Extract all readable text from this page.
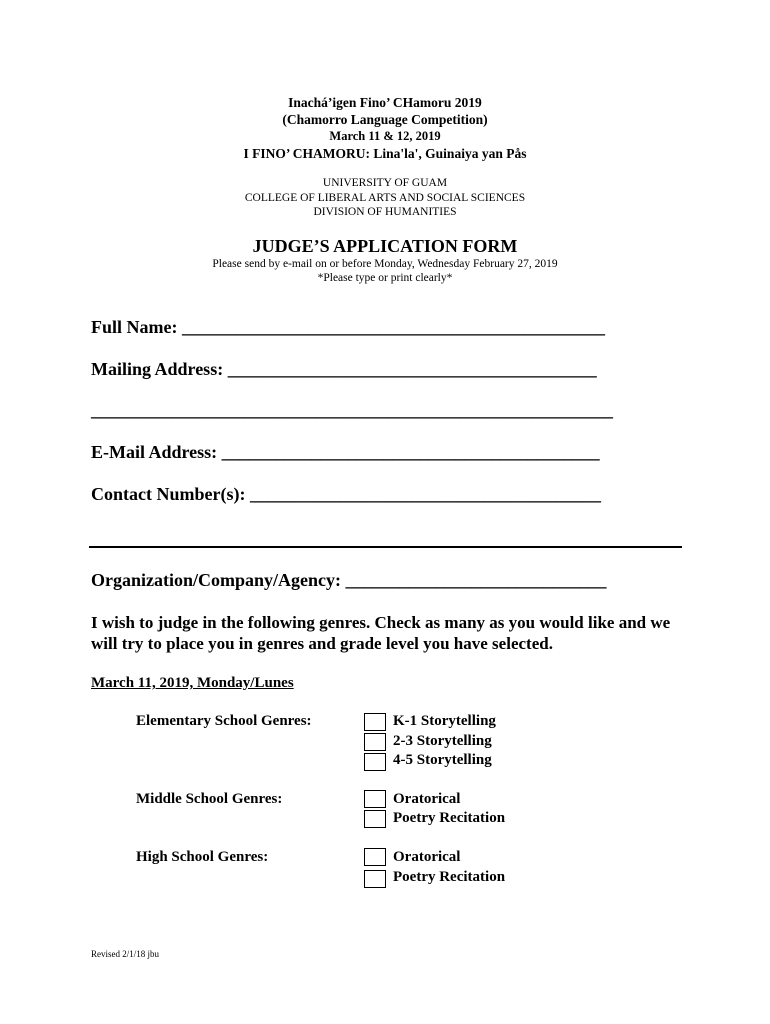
Inachá’igen Fino’ CHamoru 2019
(Chamorro Language Competition)
March 11 & 12, 2019
I FINO’ CHAMORU: Lina'la', Guinaiya yan Pås
UNIVERSITY OF GUAM
COLLEGE OF LIBERAL ARTS AND SOCIAL SCIENCES
DIVISION OF HUMANITIES
JUDGE’S APPLICATION FORM
Please send by e-mail on or before Monday, Wednesday February 27, 2019
*Please type or print clearly*
Full Name: _______________________________________________
Mailing Address: _________________________________________
__________________________________________________________
E-Mail Address: __________________________________________
Contact Number(s): _______________________________________
Organization/Company/Agency: _____________________________
I wish to judge in the following genres. Check as many as you would like and we will try to place you in genres and grade level you have selected.
March 11, 2019, Monday/Lunes
Elementary School Genres:	K-1 Storytelling
2-3 Storytelling
4-5 Storytelling
Middle School Genres:	Oratorical
Poetry Recitation
High School Genres:	Oratorical
Poetry Recitation
Revised 2/1/18 jbu
